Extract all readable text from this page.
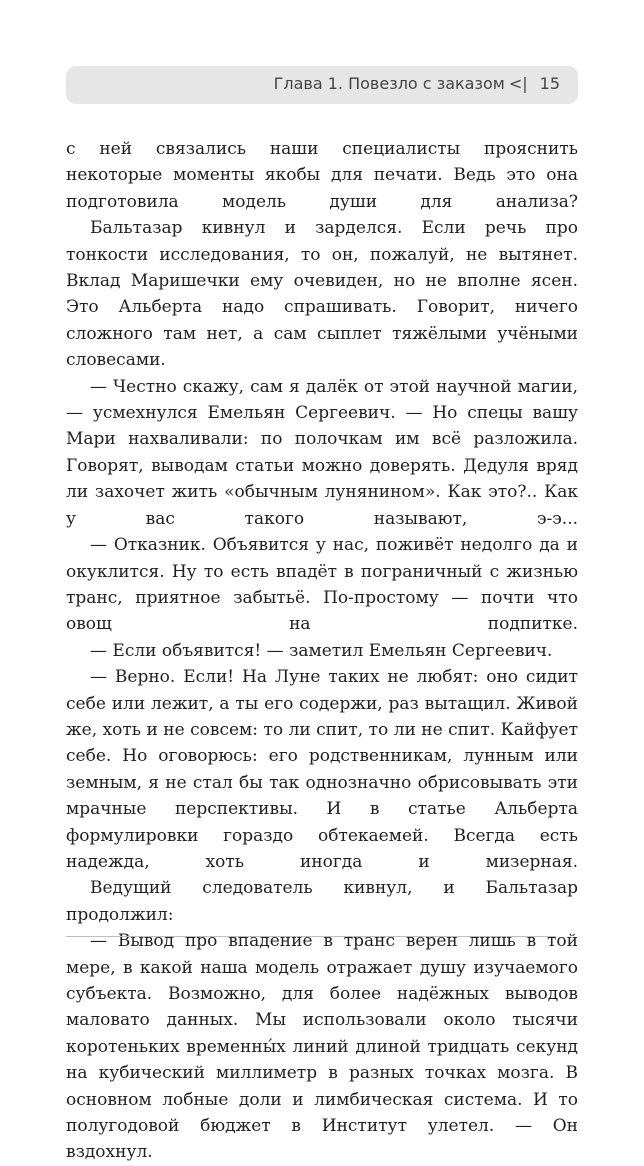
Глава 1. Повезло с заказом <| 15

с ней связались наши специалисты прояснить некоторые моменты якобы для печати. Ведь это она подготовила модель души для анализа?

Бальтазар кивнул и зарделся. Если речь про тонкости исследования, то он, пожалуй, не вытянет. Вклад Маришечки ему очевиден, но не вполне ясен. Это Альберта надо спрашивать. Говорит, ничего сложного там нет, а сам сыплет тяжёлыми учёными словесами.

— Честно скажу, сам я далёк от этой научной магии, — усмехнулся Емельян Сергеевич. — Но спецы вашу Мари нахваливали: по полочкам им всё разложила. Говорят, выводам статьи можно доверять. Дедуля вряд ли захочет жить «обычным лунянином». Как это?.. Как у вас такого называют, э-э...

— Отказник. Объявится у нас, поживёт недолго да и окуклится. Ну то есть впадёт в пограничный с жизнью транс, приятное забытьё. По-простому — почти что овощ на подпитке.

— Если объявится! — заметил Емельян Сергеевич.

— Верно. Если! На Луне таких не любят: оно сидит себе или лежит, а ты его содержи, раз вытащил. Живой же, хоть и не совсем: то ли спит, то ли не спит. Кайфует себе. Но оговорюсь: его родственникам, лунным или земным, я не стал бы так однозначно обрисовывать эти мрачные перспективы. И в статье Альберта формулировки гораздо обтекаемей. Всегда есть надежда, хоть иногда и мизерная.

Ведущий следователь кивнул, и Бальтазар продолжил:

— Вывод про впадение в транс верен лишь в той мере, в какой наша модель отражает душу изучаемого субъекта. Возможно, для более надёжных выводов маловато данных. Мы использовали около тысячи коротеньких временны́х линий длиной тридцать секунд на кубический миллиметр в разных точках мозга. В основном лобные доли и лимбическая система. И то полугодовой бюджет в Институт улетел. — Он вздохнул.
